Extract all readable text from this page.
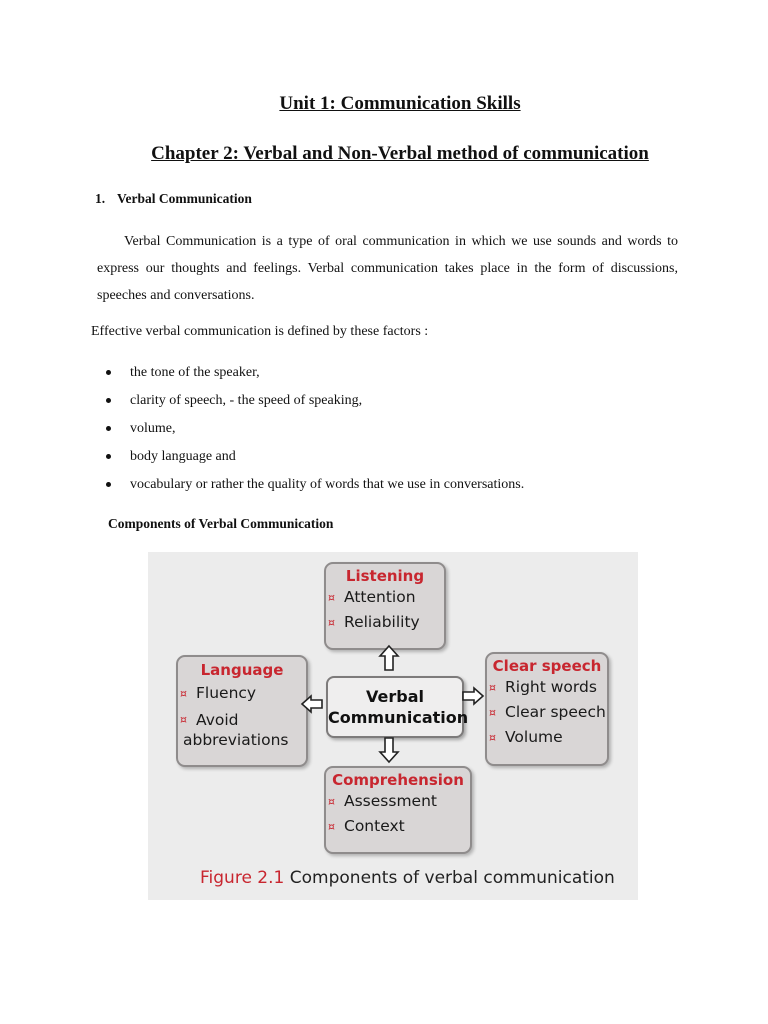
Unit 1: Communication Skills
Chapter 2: Verbal and Non-Verbal method of communication
1. Verbal Communication
Verbal Communication is a type of oral communication in which we use sounds and words to express our thoughts and feelings. Verbal communication takes place in the form of discussions, speeches and conversations.
Effective verbal communication is defined by these factors :
the tone of the speaker,
clarity of speech, - the speed of speaking,
volume,
body language and
vocabulary or rather the quality of words that we use in conversations.
Components of Verbal Communication
Listening
¤ Attention
¤ Reliability
Language
¤ Fluency
¤ Avoid
abbreviations
Clear speech
¤ Right words
¤ Clear speech
¤ Volume
Comprehension
¤ Assessment
¤ Context
Verbal
Communication
Figure 2.1 Components of verbal communication
